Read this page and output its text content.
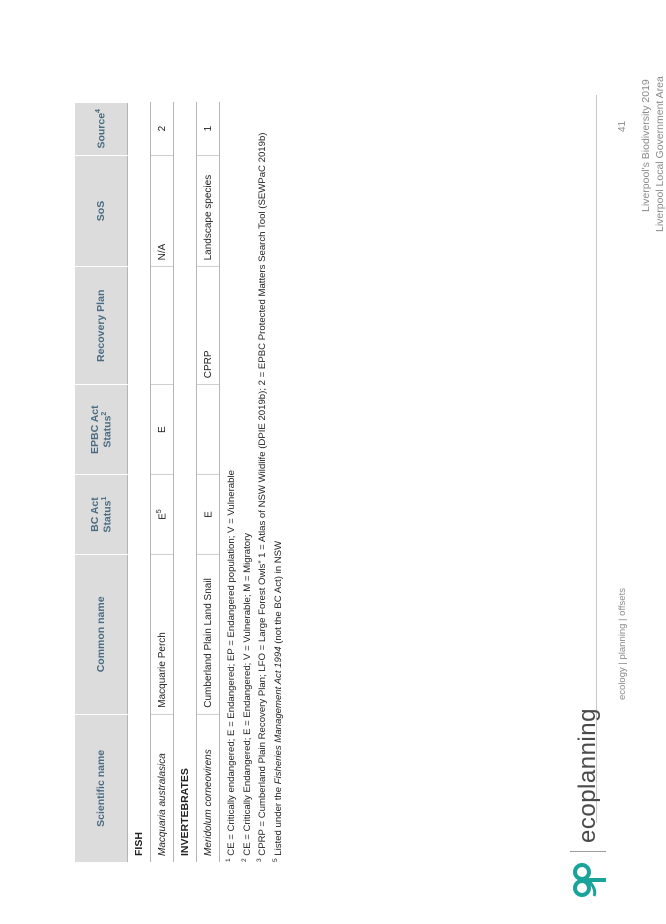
Liverpool's Biodiversity 2019 Liverpool Local Government Area
Scientific name	Common name	BC Act Status$^1$	EPBC Act Status$^2$	Recovery Plan	SoS	Source$^4$
FISH						
Macquaria australasica	Macquarie Perch	$E^5$	E		N/A	2
INVERTEBRATES						
Meridolum corneovirens	Cumberland Plain Land Snail	E		CPRP	Landscape species	1
$^1$ CE = Critically endangered; E = Endangered; EP = Endangered population; V = Vulnerable
$^2$ CE = Critically Endangered; E = Endangered; V = Vulnerable; M = Migratory
$^3$ CPRP = Cumberland Plain Recovery Plan; LFO = Large Forest Owls” 1 = Atlas of NSW Wildlife (DPIE 2019b); 2 = EPBC Protected Matters Search Tool (SEWPaC 2019b)
$^5$ Listed under the Fisheries Management Act 1994 (not the BC Act) in NSW
ecoplanning
ecology | planning | offsets
41
